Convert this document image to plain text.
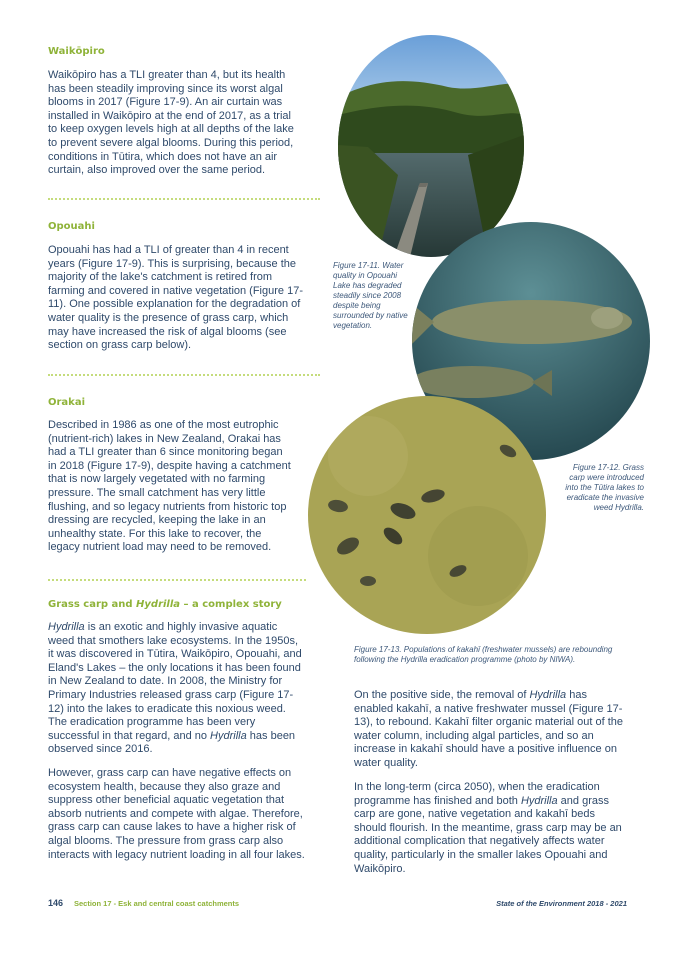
Waikōpiro

Waikōpiro has a TLI greater than 4, but its health has been steadily improving since its worst algal blooms in 2017 (Figure 17-9). An air curtain was installed in Waikōpiro at the end of 2017, as a trial to keep oxygen levels high at all depths of the lake to prevent severe algal blooms. During this period, conditions in Tūtira, which does not have an air curtain, also improved over the same period.

Opouahi

Opouahi has had a TLI of greater than 4 in recent years (Figure 17-9). This is surprising, because the majority of the lake's catchment is retired from farming and covered in native vegetation (Figure 17-11). One possible explanation for the degradation of water quality is the presence of grass carp, which may have increased the risk of algal blooms (see section on grass carp below).

Orakai

Described in 1986 as one of the most eutrophic (nutrient-rich) lakes in New Zealand, Orakai has had a TLI greater than 6 since monitoring began in 2018 (Figure 17-9), despite having a catchment that is now largely vegetated with no farming pressure. The small catchment has very little flushing, and so legacy nutrients from historic top dressing are recycled, keeping the lake in an unhealthy state. For this lake to recover, the legacy nutrient load may need to be removed.

Grass carp and Hydrilla – a complex story

Hydrilla is an exotic and highly invasive aquatic weed that smothers lake ecosystems. In the 1950s, it was discovered in Tūtira, Waikōpiro, Opouahi, and Eland's Lakes – the only locations it has been found in New Zealand to date. In 2008, the Ministry for Primary Industries released grass carp (Figure 17-12) into the lakes to eradicate this noxious weed. The eradication programme has been very successful in that regard, and no Hydrilla has been observed since 2016.

However, grass carp can have negative effects on ecosystem health, because they also graze and suppress other beneficial aquatic vegetation that absorb nutrients and compete with algae. Therefore, grass carp can cause lakes to have a higher risk of algal blooms. The pressure from grass carp also interacts with legacy nutrient loading in all four lakes.

On the positive side, the removal of Hydrilla has enabled kakahī, a native freshwater mussel (Figure 17-13), to rebound. Kakahī filter organic material out of the water column, including algal particles, and so an increase in kakahī should have a positive influence on water quality.

In the long-term (circa 2050), when the eradication programme has finished and both Hydrilla and grass carp are gone, native vegetation and kakahī beds should flourish. In the meantime, grass carp may be an additional complication that negatively affects water quality, particularly in the smaller lakes Opouahi and Waikōpiro.

Figure 17-11. Water quality in Opouahi Lake has degraded steadily since 2008 despite being surrounded by native vegetation.

Figure 17-12. Grass carp were introduced into the Tūtira lakes to eradicate the invasive weed Hydrilla.

Figure 17-13. Populations of kakahī (freshwater mussels) are rebounding following the Hydrilla eradication programme (photo by NIWA).

146 Section 17 - Esk and central coast catchments	State of the Environment 2018 - 2021
